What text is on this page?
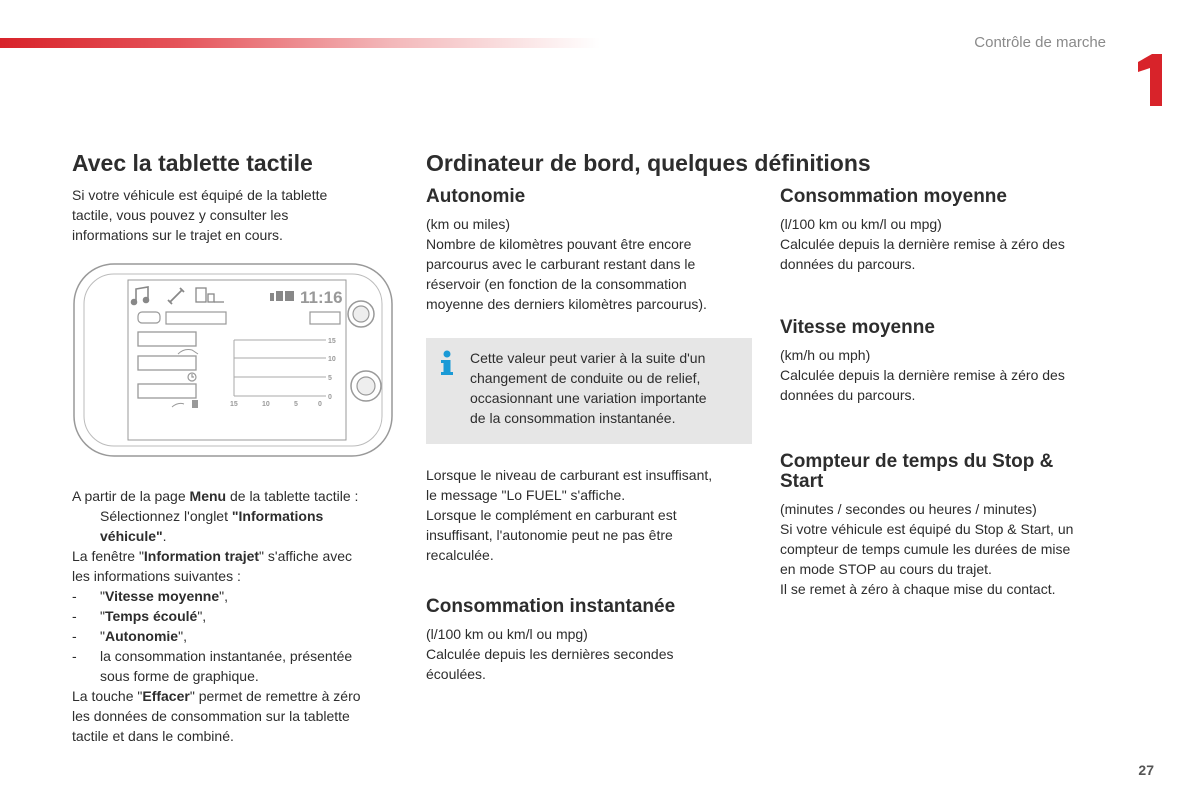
Contrôle de marche
Avec la tablette tactile
Si votre véhicule est équipé de la tablette
tactile, vous pouvez y consulter les
informations sur le trajet en cours.
11:16
15
10
5
0
15	10	5	0
A partir de la page Menu de la tablette tactile :
Sélectionnez l'onglet "Informations
véhicule".
La fenêtre "Information trajet" s'affiche avec
les informations suivantes :
- "Vitesse moyenne",
- "Temps écoulé",
- "Autonomie",
- la consommation instantanée, présentée
sous forme de graphique.
La touche "Effacer" permet de remettre à zéro
les données de consommation sur la tablette
tactile et dans le combiné.
Ordinateur de bord, quelques définitions
Autonomie
(km ou miles)
Nombre de kilomètres pouvant être encore
parcourus avec le carburant restant dans le
réservoir (en fonction de la consommation
moyenne des derniers kilomètres parcourus).
Cette valeur peut varier à la suite d'un
changement de conduite ou de relief,
occasionnant une variation importante
de la consommation instantanée.
Lorsque le niveau de carburant est insuffisant,
le message "Lo FUEL" s'affiche.
Lorsque le complément en carburant est
insuffisant, l'autonomie peut ne pas être
recalculée.
Consommation instantanée
(l/100 km ou km/l ou mpg)
Calculée depuis les dernières secondes
écoulées.
Consommation moyenne
(l/100 km ou km/l ou mpg)
Calculée depuis la dernière remise à zéro des
données du parcours.
Vitesse moyenne
(km/h ou mph)
Calculée depuis la dernière remise à zéro des
données du parcours.
Compteur de temps du Stop &
Start
(minutes / secondes ou heures / minutes)
Si votre véhicule est équipé du Stop & Start, un
compteur de temps cumule les durées de mise
en mode STOP au cours du trajet.
Il se remet à zéro à chaque mise du contact.
27
